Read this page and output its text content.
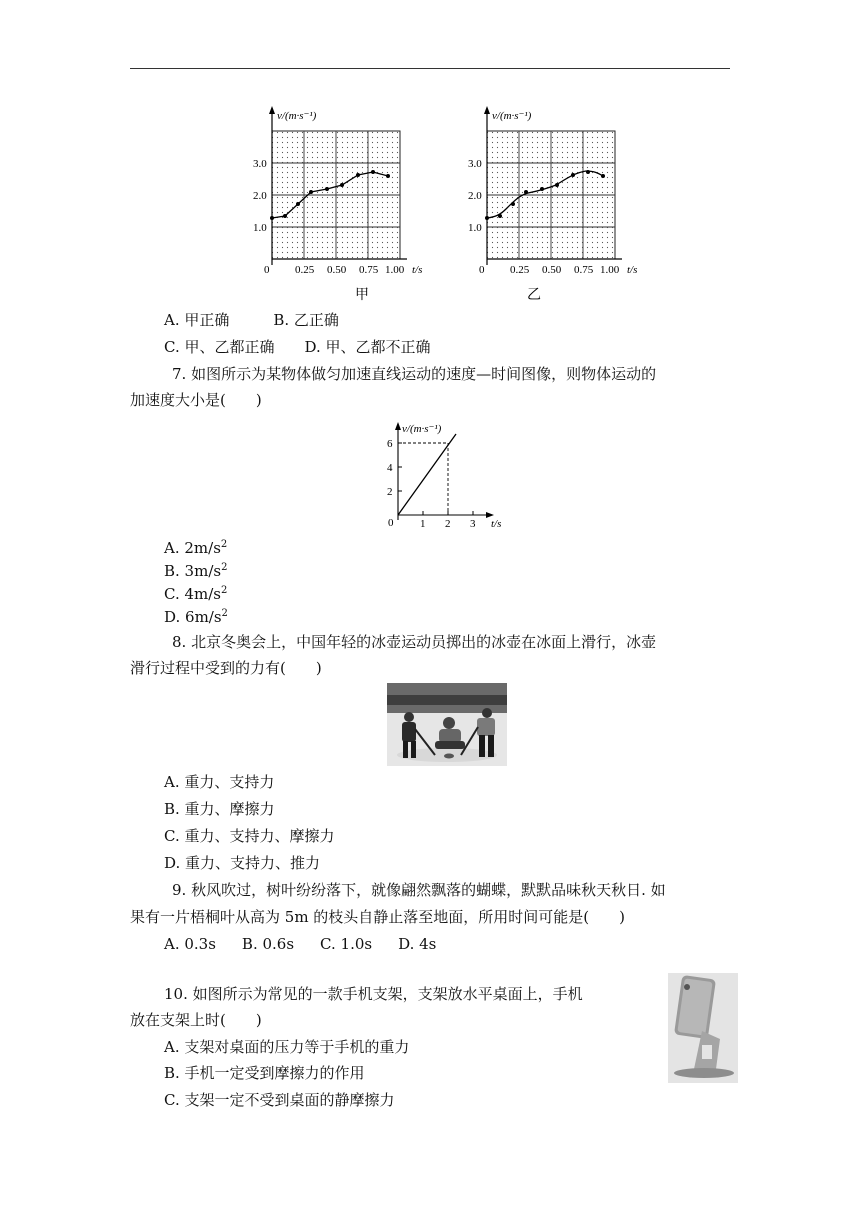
v/(m·s⁻¹)
3.0
2.0
1.0
0 0.25 0.50 0.75 1.00 t/s
甲
v/(m·s⁻¹)
3.0
2.0
1.0
0 0.25 0.50 0.75 1.00 t/s
乙
A. 甲正确	B. 乙正确
C. 甲、乙都正确 D. 甲、乙都不正确
7. 如图所示为某物体做匀加速直线运动的速度—时间图像，则物体运动的
加速度大小是(　　)
v/(m·s⁻¹)
6
4
2
0 1 2 3 t/s
A. $2m/s^2$
B. $3m/s^2$
C. $4m/s^2$
D. $6m/s^2$
8. 北京冬奥会上，中国年轻的冰壶运动员掷出的冰壶在冰面上滑行，冰壶
滑行过程中受到的力有(　　)
A. 重力、支持力
B. 重力、摩擦力
C. 重力、支持力、摩擦力
D. 重力、支持力、推力
9. 秋风吹过，树叶纷纷落下，就像翩然飘落的蝴蝶，默默品味秋天秋日. 如
果有一片梧桐叶从高为 5m 的枝头自静止落至地面，所用时间可能是(　　)
A. 0.3s B. 0.6s C. 1.0s D. 4s
10. 如图所示为常见的一款手机支架，支架放水平桌面上，手机
放在支架上时(　　)
A. 支架对桌面的压力等于手机的重力
B. 手机一定受到摩擦力的作用
C. 支架一定不受到桌面的静摩擦力
